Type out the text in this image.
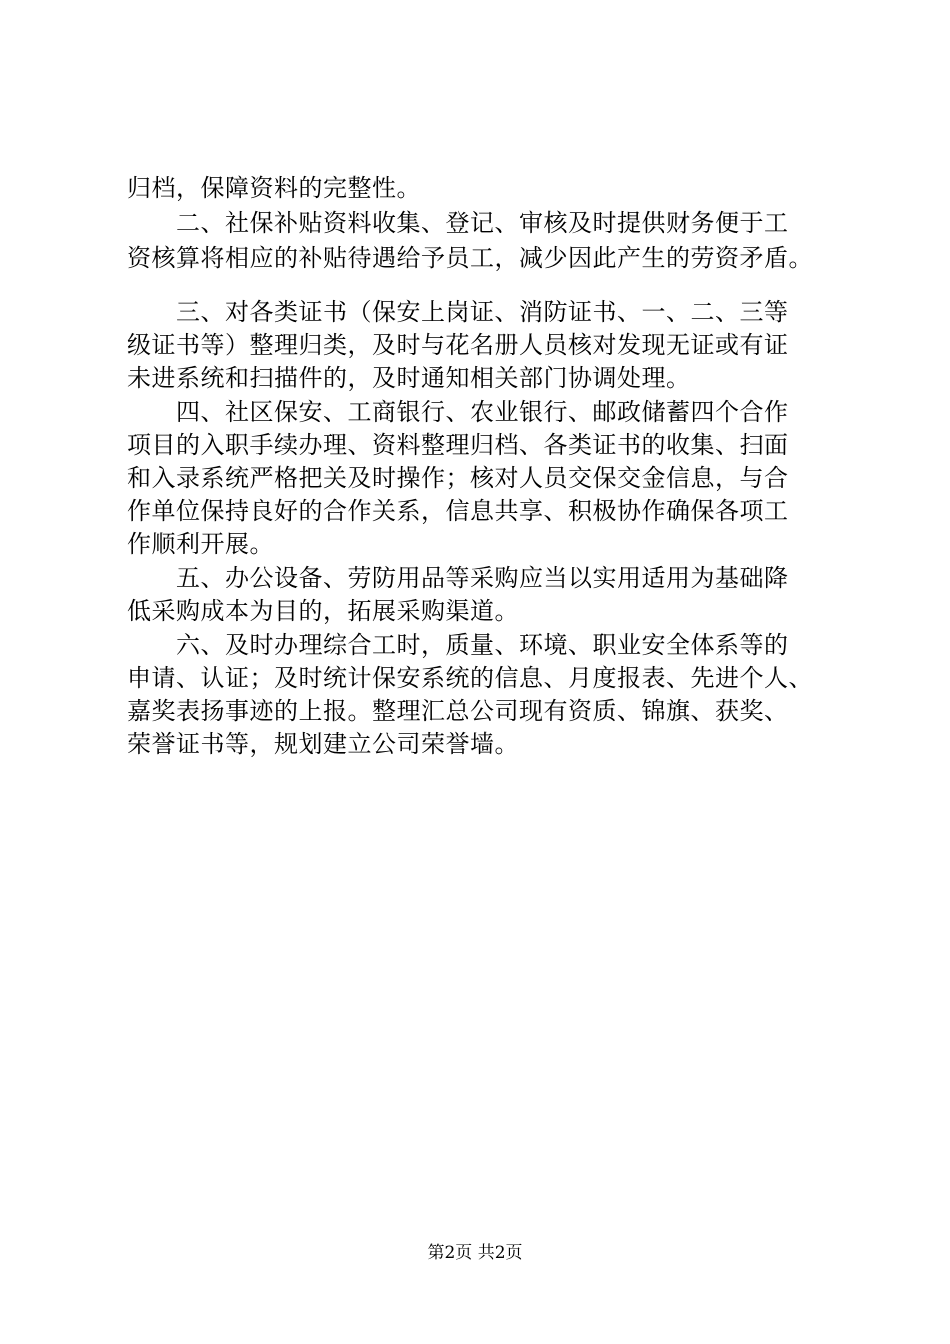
归档，保障资料的完整性。
　　二、社保补贴资料收集、登记、审核及时提供财务便于工
资核算将相应的补贴待遇给予员工，减少因此产生的劳资矛盾。
　　三、对各类证书（保安上岗证、消防证书、一、二、三等
级证书等）整理归类，及时与花名册人员核对发现无证或有证
未进系统和扫描件的，及时通知相关部门协调处理。
　　四、社区保安、工商银行、农业银行、邮政储蓄四个合作
项目的入职手续办理、资料整理归档、各类证书的收集、扫面
和入录系统严格把关及时操作；核对人员交保交金信息，与合
作单位保持良好的合作关系，信息共享、积极协作确保各项工
作顺利开展。
　　五、办公设备、劳防用品等采购应当以实用适用为基础降
低采购成本为目的，拓展采购渠道。
　　六、及时办理综合工时，质量、环境、职业安全体系等的
申请、认证；及时统计保安系统的信息、月度报表、先进个人、
嘉奖表扬事迹的上报。整理汇总公司现有资质、锦旗、获奖、
荣誉证书等，规划建立公司荣誉墙。
第2页 共2页
